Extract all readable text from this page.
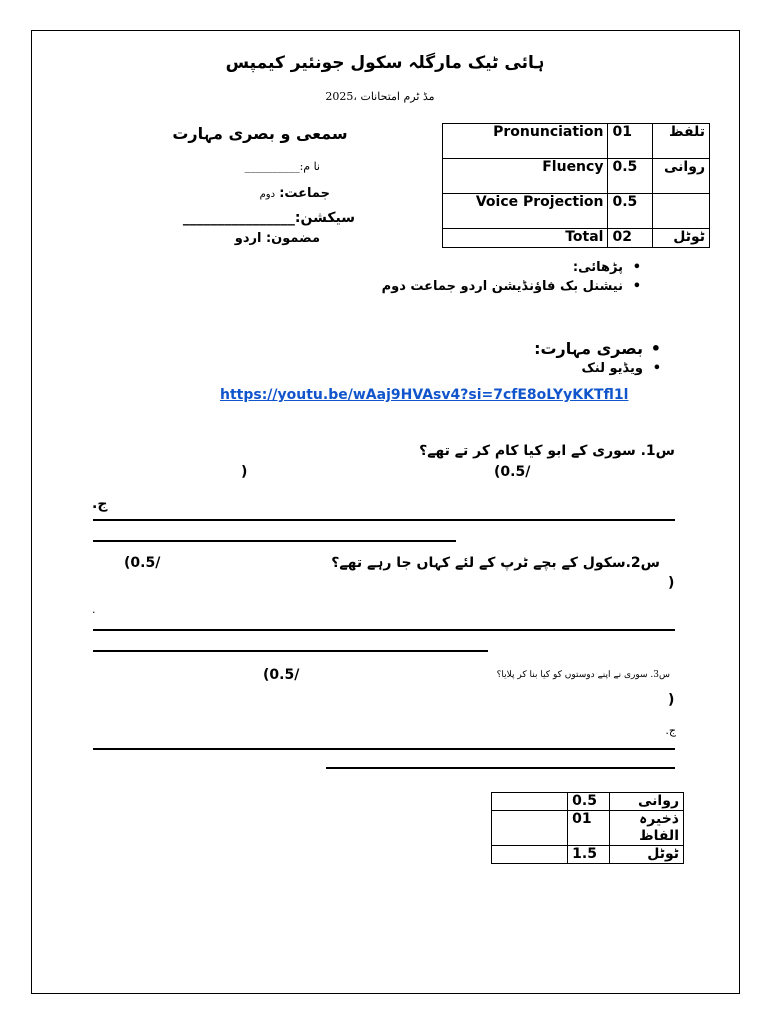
ہائی ٹیک مارگلہ سکول جونئیر کیمپس
مڈ ٹرم امتحانات ،2025
سمعی و بصری مہارت
نا م:__________
جماعت: دوم
سیکشن:________________
مضمون: اردو
Pronunciation	01	تلفظ
Fluency	0.5	روانی
Voice Projection	0.5	
Total	02	ٹوٹل
• پڑھائی:
• نیشنل بک فاؤنڈیشن اردو جماعت دوم
• بصری مہارت:
• ویڈیو لنک
https://youtu.be/wAaj9HVAsv4?si=7cfE8oLYyKKTfl1l
س1. سوری کے ابو کیا کام کر تے تھے؟
(0.5/
)
ج.
س2.سکول کے بچے ٹرپ کے لئے کہاں جا رہے تھے؟
(0.5/
)
.
س3. سوری نے اپنے دوستوں کو کیا بنا کر پلایا؟
(0.5/
)
ج.
	0.5	روانی
	01	ذخیرہ الفاظ
	1.5	ٹوٹل
